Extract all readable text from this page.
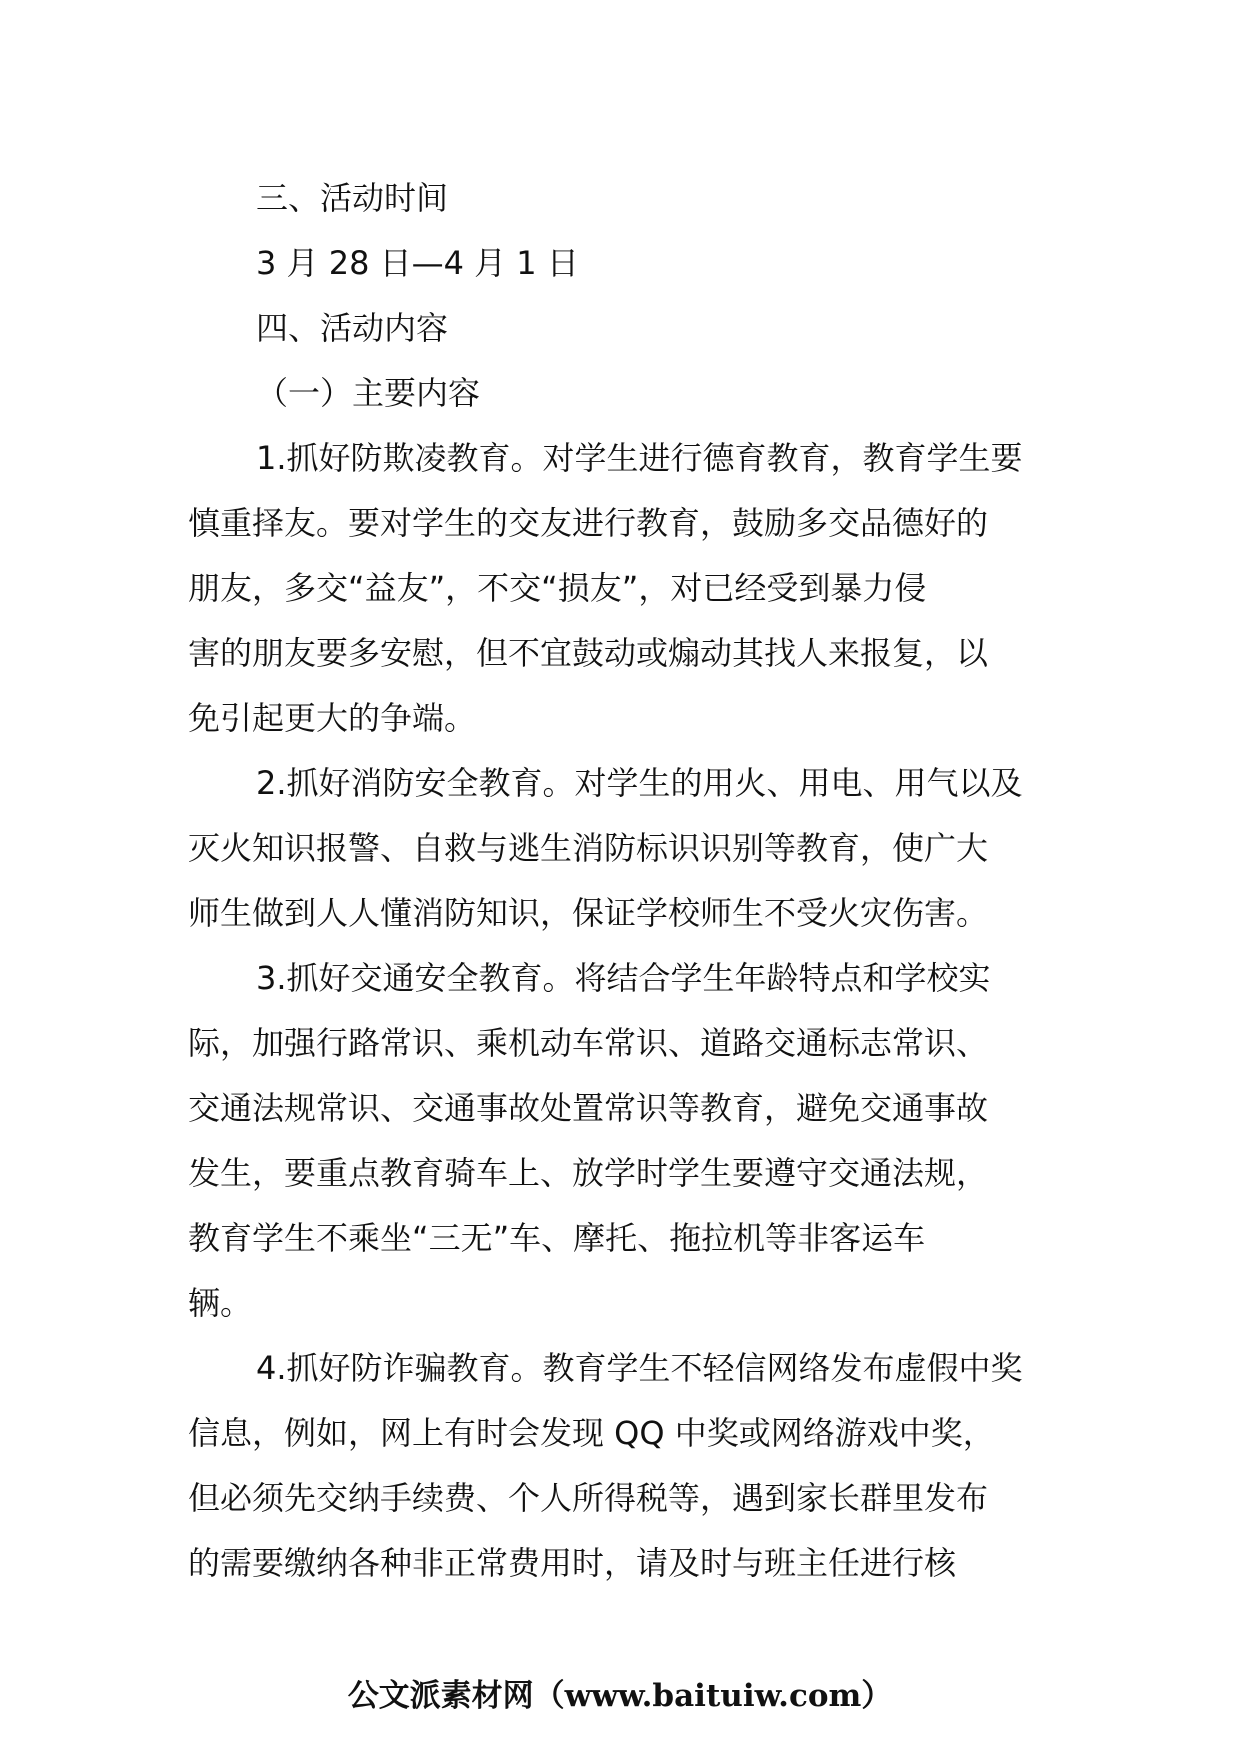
三、活动时间

3 月 28 日—4 月 1 日

四、活动内容

（一）主要内容

1.抓好防欺凌教育。对学生进行德育教育，教育学生要

慎重择友。要对学生的交友进行教育，鼓励多交品德好的

朋友，多交“益友”，不交“损友”，对已经受到暴力侵

害的朋友要多安慰，但不宜鼓动或煽动其找人来报复，以

免引起更大的争端。

2.抓好消防安全教育。对学生的用火、用电、用气以及

灭火知识报警、自救与逃生消防标识识别等教育，使广大

师生做到人人懂消防知识，保证学校师生不受火灾伤害。

3.抓好交通安全教育。将结合学生年龄特点和学校实

际，加强行路常识、乘机动车常识、道路交通标志常识、

交通法规常识、交通事故处置常识等教育，避免交通事故

发生，要重点教育骑车上、放学时学生要遵守交通法规，

教育学生不乘坐“三无”车、摩托、拖拉机等非客运车

辆。

4.抓好防诈骗教育。教育学生不轻信网络发布虚假中奖

信息，例如，网上有时会发现 QQ 中奖或网络游戏中奖，

但必须先交纳手续费、个人所得税等，遇到家长群里发布

的需要缴纳各种非正常费用时，请及时与班主任进行核

公文派素材网（www.baituiw.com）
